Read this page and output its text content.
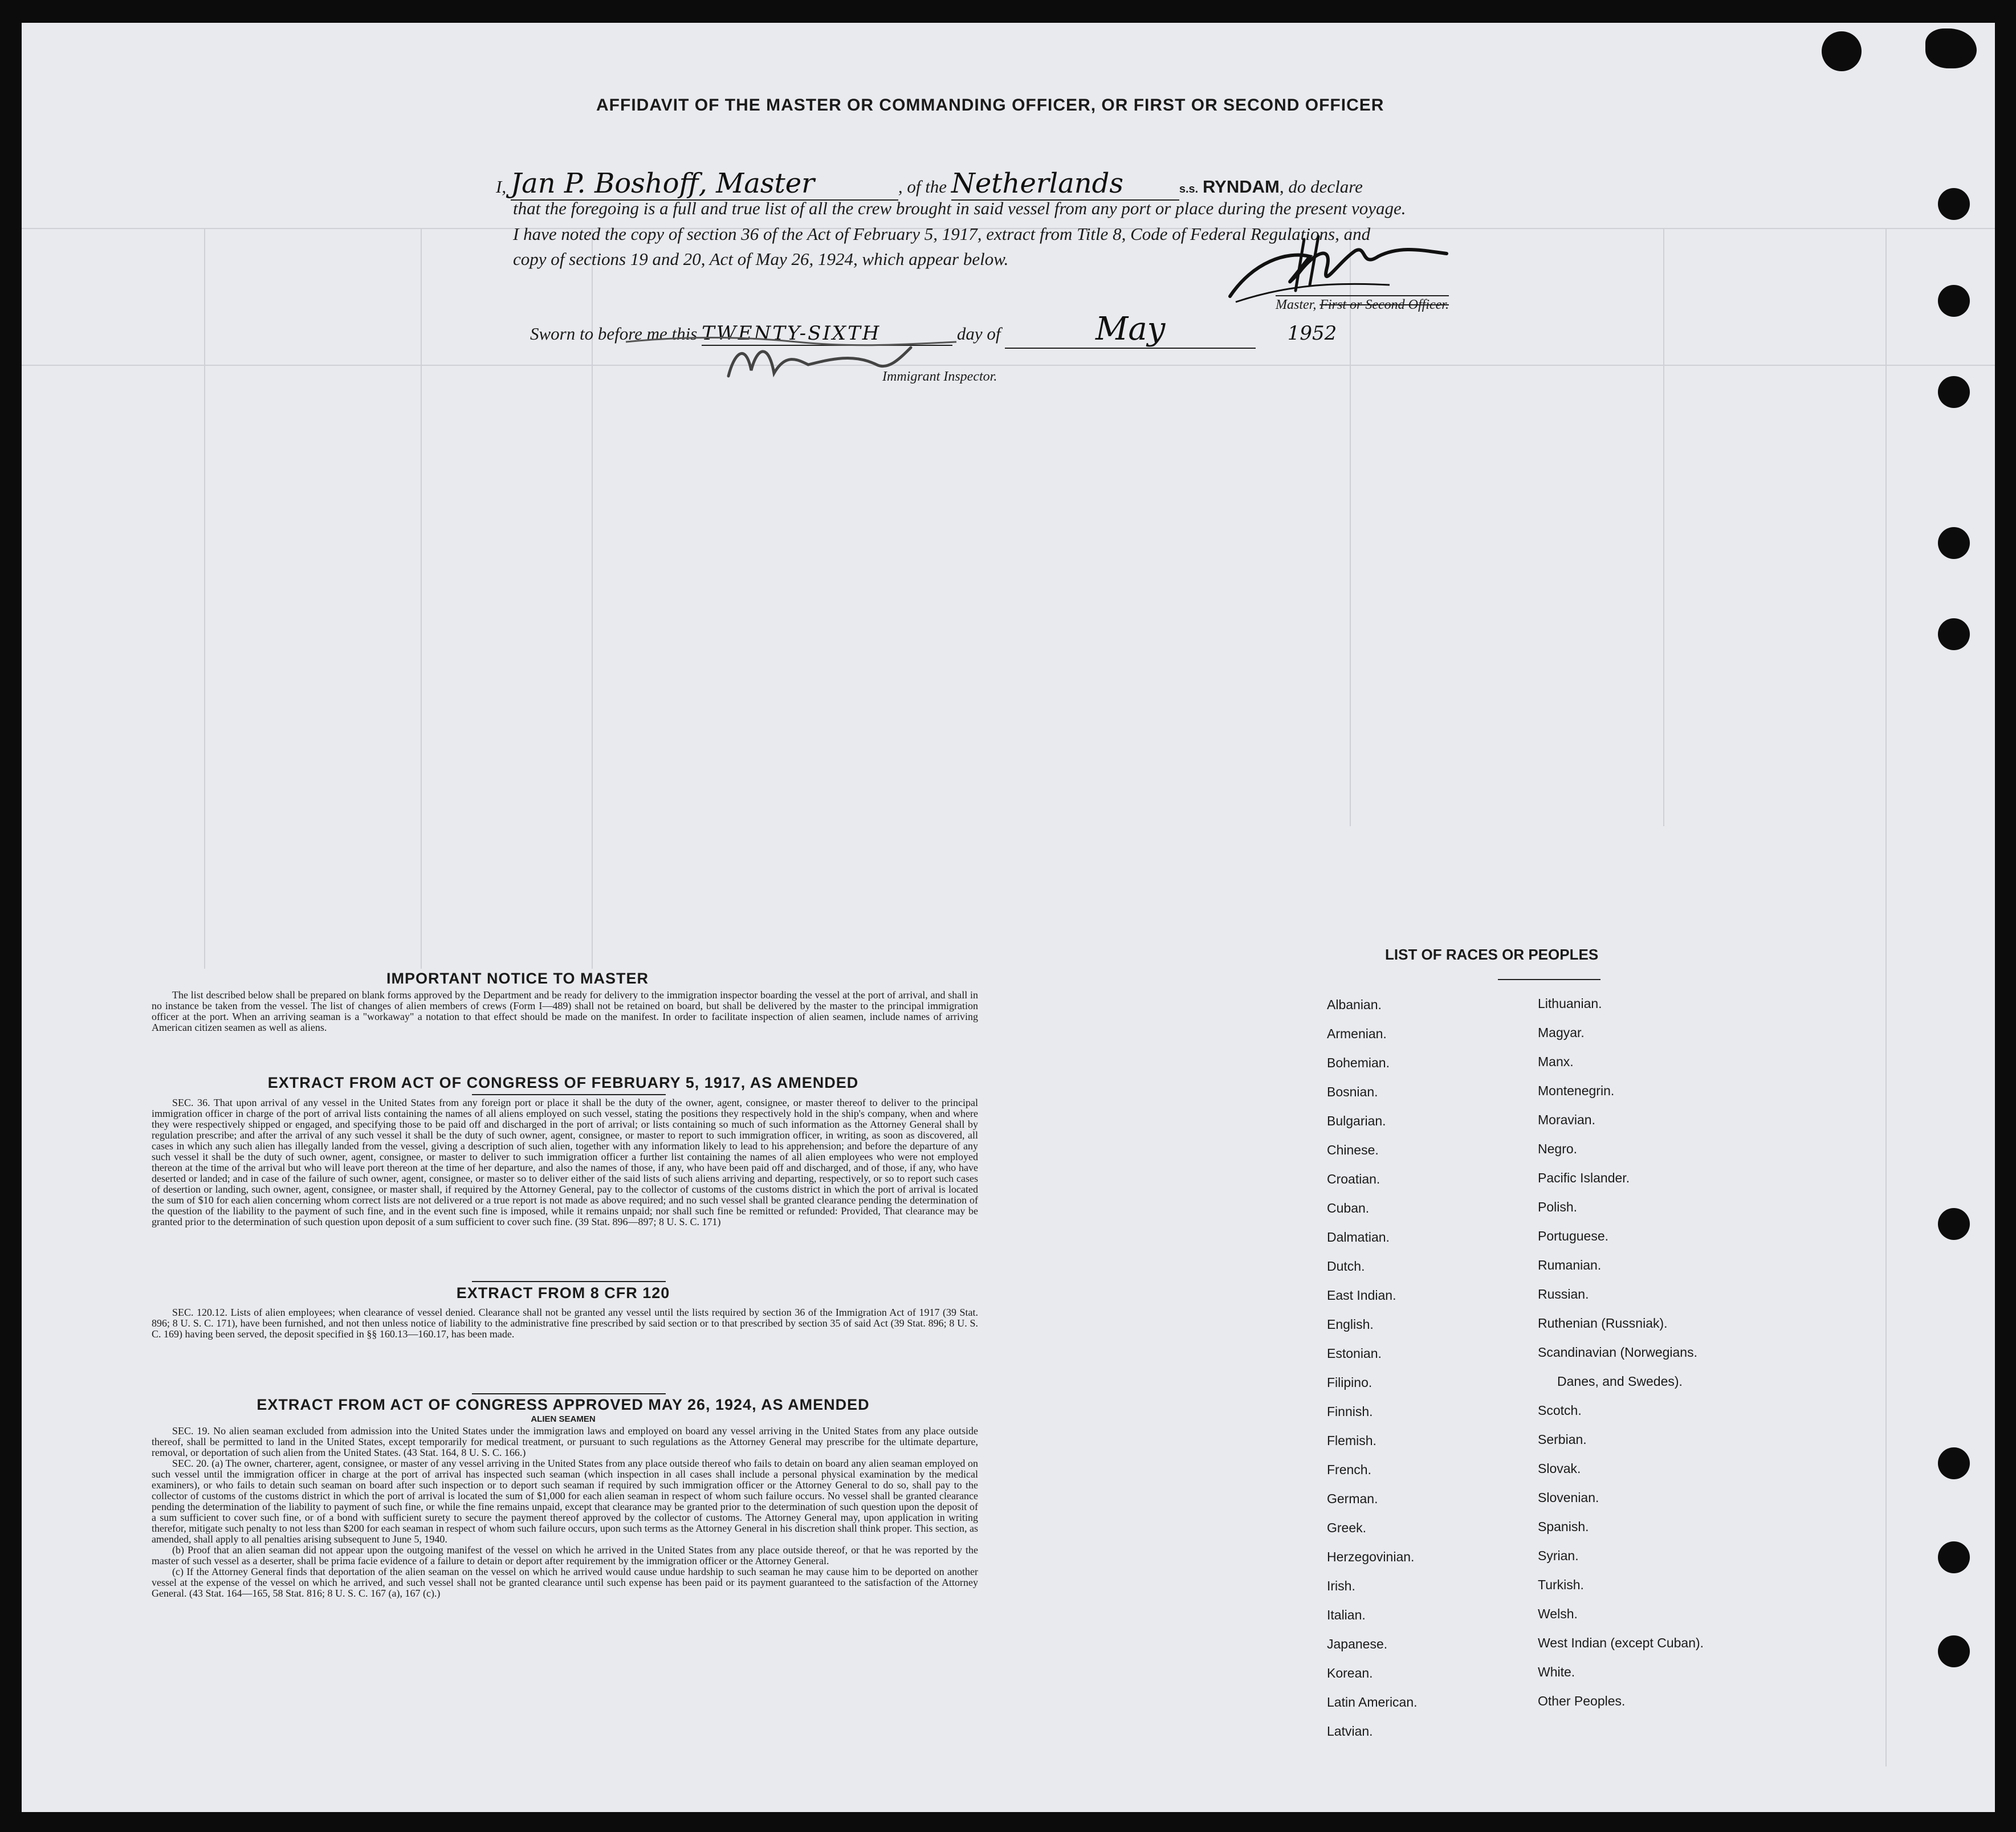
AFFIDAVIT OF THE MASTER OR COMMANDING OFFICER, OR FIRST OR SECOND OFFICER
I, Jan P. Boshoff, Master	, of the Netherlands	s.s. RYNDAM, do declare
that the foregoing is a full and true list of all the crew brought in said vessel from any port or place during the present voyage.
I have noted the copy of section 36 of the Act of February 5, 1917, extract from Title 8, Code of Federal Regulations, and
copy of sections 19 and 20, Act of May 26, 1924, which appear below.
Master, First or Second Officer.
Sworn to before me this TWENTY-SIXTH	day of	May	1952
Immigrant Inspector.
IMPORTANT NOTICE TO MASTER

The list described below shall be prepared on blank forms approved by the Department and be ready for delivery to the immigration inspector boarding the vessel at the port of arrival, and shall in no instance be taken from the vessel. The list of changes of alien members of crews (Form I—489) shall not be retained on board, but shall be delivered by the master to the principal immigration officer at the port. When an arriving seaman is a "workaway" a notation to that effect should be made on the manifest. In order to facilitate inspection of alien seamen, include names of arriving American citizen seamen as well as aliens.

EXTRACT FROM ACT OF CONGRESS OF FEBRUARY 5, 1917, AS AMENDED

SEC. 36. That upon arrival of any vessel in the United States from any foreign port or place it shall be the duty of the owner, agent, consignee, or master thereof to deliver to the principal immigration officer in charge of the port of arrival lists containing the names of all aliens employed on such vessel, stating the positions they respectively hold in the ship's company, when and where they were respectively shipped or engaged, and specifying those to be paid off and discharged in the port of arrival; or lists containing so much of such information as the Attorney General shall by regulation prescribe; and after the arrival of any such vessel it shall be the duty of such owner, agent, consignee, or master to report to such immigration officer, in writing, as soon as discovered, all cases in which any such alien has illegally landed from the vessel, giving a description of such alien, together with any information likely to lead to his apprehension; and before the departure of any such vessel it shall be the duty of such owner, agent, consignee, or master to deliver to such immigration officer a further list containing the names of all alien employees who were not employed thereon at the time of the arrival but who will leave port thereon at the time of her departure, and also the names of those, if any, who have been paid off and discharged, and of those, if any, who have deserted or landed; and in case of the failure of such owner, agent, consignee, or master so to deliver either of the said lists of such aliens arriving and departing, respectively, or so to report such cases of desertion or landing, such owner, agent, consignee, or master shall, if required by the Attorney General, pay to the collector of customs of the customs district in which the port of arrival is located the sum of $10 for each alien concerning whom correct lists are not delivered or a true report is not made as above required; and no such vessel shall be granted clearance pending the determination of the question of the liability to the payment of such fine, and in the event such fine is imposed, while it remains unpaid; nor shall such fine be remitted or refunded: Provided, That clearance may be granted prior to the determination of such question upon deposit of a sum sufficient to cover such fine. (39 Stat. 896—897; 8 U. S. C. 171)

EXTRACT FROM 8 CFR 120

SEC. 120.12. Lists of alien employees; when clearance of vessel denied. Clearance shall not be granted any vessel until the lists required by section 36 of the Immigration Act of 1917 (39 Stat. 896; 8 U. S. C. 171), have been furnished, and not then unless notice of liability to the administrative fine prescribed by said section or to that prescribed by section 35 of said Act (39 Stat. 896; 8 U. S. C. 169) having been served, the deposit specified in §§ 160.13—160.17, has been made.

EXTRACT FROM ACT OF CONGRESS APPROVED MAY 26, 1924, AS AMENDED
ALIEN SEAMEN

SEC. 19. No alien seaman excluded from admission into the United States under the immigration laws and employed on board any vessel arriving in the United States from any place outside thereof, shall be permitted to land in the United States, except temporarily for medical treatment, or pursuant to such regulations as the Attorney General may prescribe for the ultimate departure, removal, or deportation of such alien from the United States. (43 Stat. 164, 8 U. S. C. 166.)

SEC. 20. (a) The owner, charterer, agent, consignee, or master of any vessel arriving in the United States from any place outside thereof who fails to detain on board any alien seaman employed on such vessel until the immigration officer in charge at the port of arrival has inspected such seaman (which inspection in all cases shall include a personal physical examination by the medical examiners), or who fails to detain such seaman on board after such inspection or to deport such seaman if required by such immigration officer or the Attorney General to do so, shall pay to the collector of customs of the customs district in which the port of arrival is located the sum of $1,000 for each alien seaman in respect of whom such failure occurs. No vessel shall be granted clearance pending the determination of the liability to payment of such fine, or while the fine remains unpaid, except that clearance may be granted prior to the determination of such question upon the deposit of a sum sufficient to cover such fine, or of a bond with sufficient surety to secure the payment thereof approved by the collector of customs. The Attorney General may, upon application in writing therefor, mitigate such penalty to not less than $200 for each seaman in respect of whom such failure occurs, upon such terms as the Attorney General in his discretion shall think proper. This section, as amended, shall apply to all penalties arising subsequent to June 5, 1940.

(b) Proof that an alien seaman did not appear upon the outgoing manifest of the vessel on which he arrived in the United States from any place outside thereof, or that he was reported by the master of such vessel as a deserter, shall be prima facie evidence of a failure to detain or deport after requirement by the immigration officer or the Attorney General.

(c) If the Attorney General finds that deportation of the alien seaman on the vessel on which he arrived would cause undue hardship to such seaman he may cause him to be deported on another vessel at the expense of the vessel on which he arrived, and such vessel shall not be granted clearance until such expense has been paid or its payment guaranteed to the satisfaction of the Attorney General. (43 Stat. 164—165, 58 Stat. 816; 8 U. S. C. 167 (a), 167 (c).)

LIST OF RACES OR PEOPLES
Albanian.
Armenian.
Bohemian.
Bosnian.
Bulgarian.
Chinese.
Croatian.
Cuban.
Dalmatian.
Dutch.
East Indian.
English.
Estonian.
Filipino.
Finnish.
Flemish.
French.
German.
Greek.
Herzegovinian.
Irish.
Italian.
Japanese.
Korean.
Latin American.
Latvian.
Lithuanian.
Magyar.
Manx.
Montenegrin.
Moravian.
Negro.
Pacific Islander.
Polish.
Portuguese.
Rumanian.
Russian.
Ruthenian (Russniak).
Scandinavian (Norwegians.
Danes, and Swedes).
Scotch.
Serbian.
Slovak.
Slovenian.
Spanish.
Syrian.
Turkish.
Welsh.
West Indian (except Cuban).
White.
Other Peoples.
